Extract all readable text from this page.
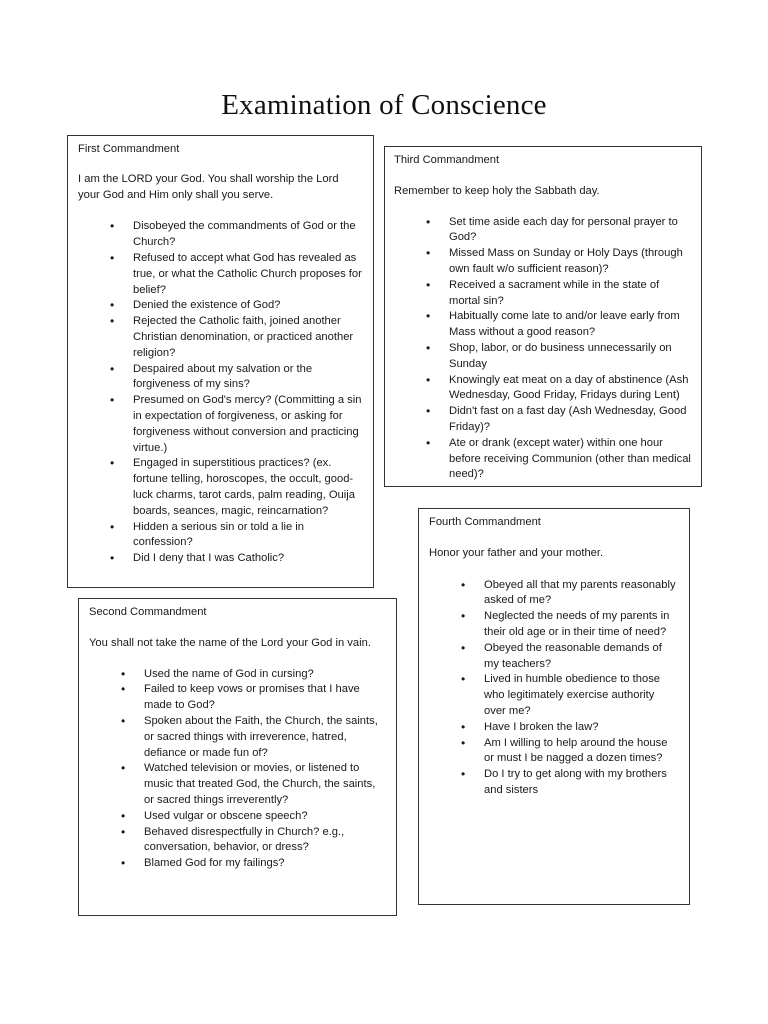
Examination of Conscience

First Commandment

I am the LORD your God. You shall worship the Lord your God and Him only shall you serve.

• Disobeyed the commandments of God or the Church?
• Refused to accept what God has revealed as true, or what the Catholic Church proposes for belief?
• Denied the existence of God?
• Rejected the Catholic faith, joined another Christian denomination, or practiced another religion?
• Despaired about my salvation or the forgiveness of my sins?
• Presumed on God's mercy? (Committing a sin in expectation of forgiveness, or asking for forgiveness without conversion and practicing virtue.)
• Engaged in superstitious practices? (ex. fortune telling, horoscopes, the occult, good-luck charms, tarot cards, palm reading, Ouija boards, seances, magic, reincarnation?
• Hidden a serious sin or told a lie in confession?
• Did I deny that I was Catholic?

Third Commandment

Remember to keep holy the Sabbath day.

• Set time aside each day for personal prayer to God?
• Missed Mass on Sunday or Holy Days (through own fault w/o sufficient reason)?
• Received a sacrament while in the state of mortal sin?
• Habitually come late to and/or leave early from Mass without a good reason?
• Shop, labor, or do business unnecessarily on Sunday
• Knowingly eat meat on a day of abstinence (Ash Wednesday, Good Friday, Fridays during Lent)
• Didn't fast on a fast day (Ash Wednesday, Good Friday)?
• Ate or drank (except water) within one hour before receiving Communion (other than medical need)?

Fourth Commandment

Honor your father and your mother.

• Obeyed all that my parents reasonably asked of me?
• Neglected the needs of my parents in their old age or in their time of need?
• Obeyed the reasonable demands of my teachers?
• Lived in humble obedience to those who legitimately exercise authority over me?
• Have I broken the law?
• Am I willing to help around the house or must I be nagged a dozen times?
• Do I try to get along with my brothers and sisters

Second Commandment

You shall not take the name of the Lord your God in vain.

• Used the name of God in cursing?
• Failed to keep vows or promises that I have made to God?
• Spoken about the Faith, the Church, the saints, or sacred things with irreverence, hatred, defiance or made fun of?
• Watched television or movies, or listened to music that treated God, the Church, the saints, or sacred things irreverently?
• Used vulgar or obscene speech?
• Behaved disrespectfully in Church? e.g., conversation, behavior, or dress?
• Blamed God for my failings?
